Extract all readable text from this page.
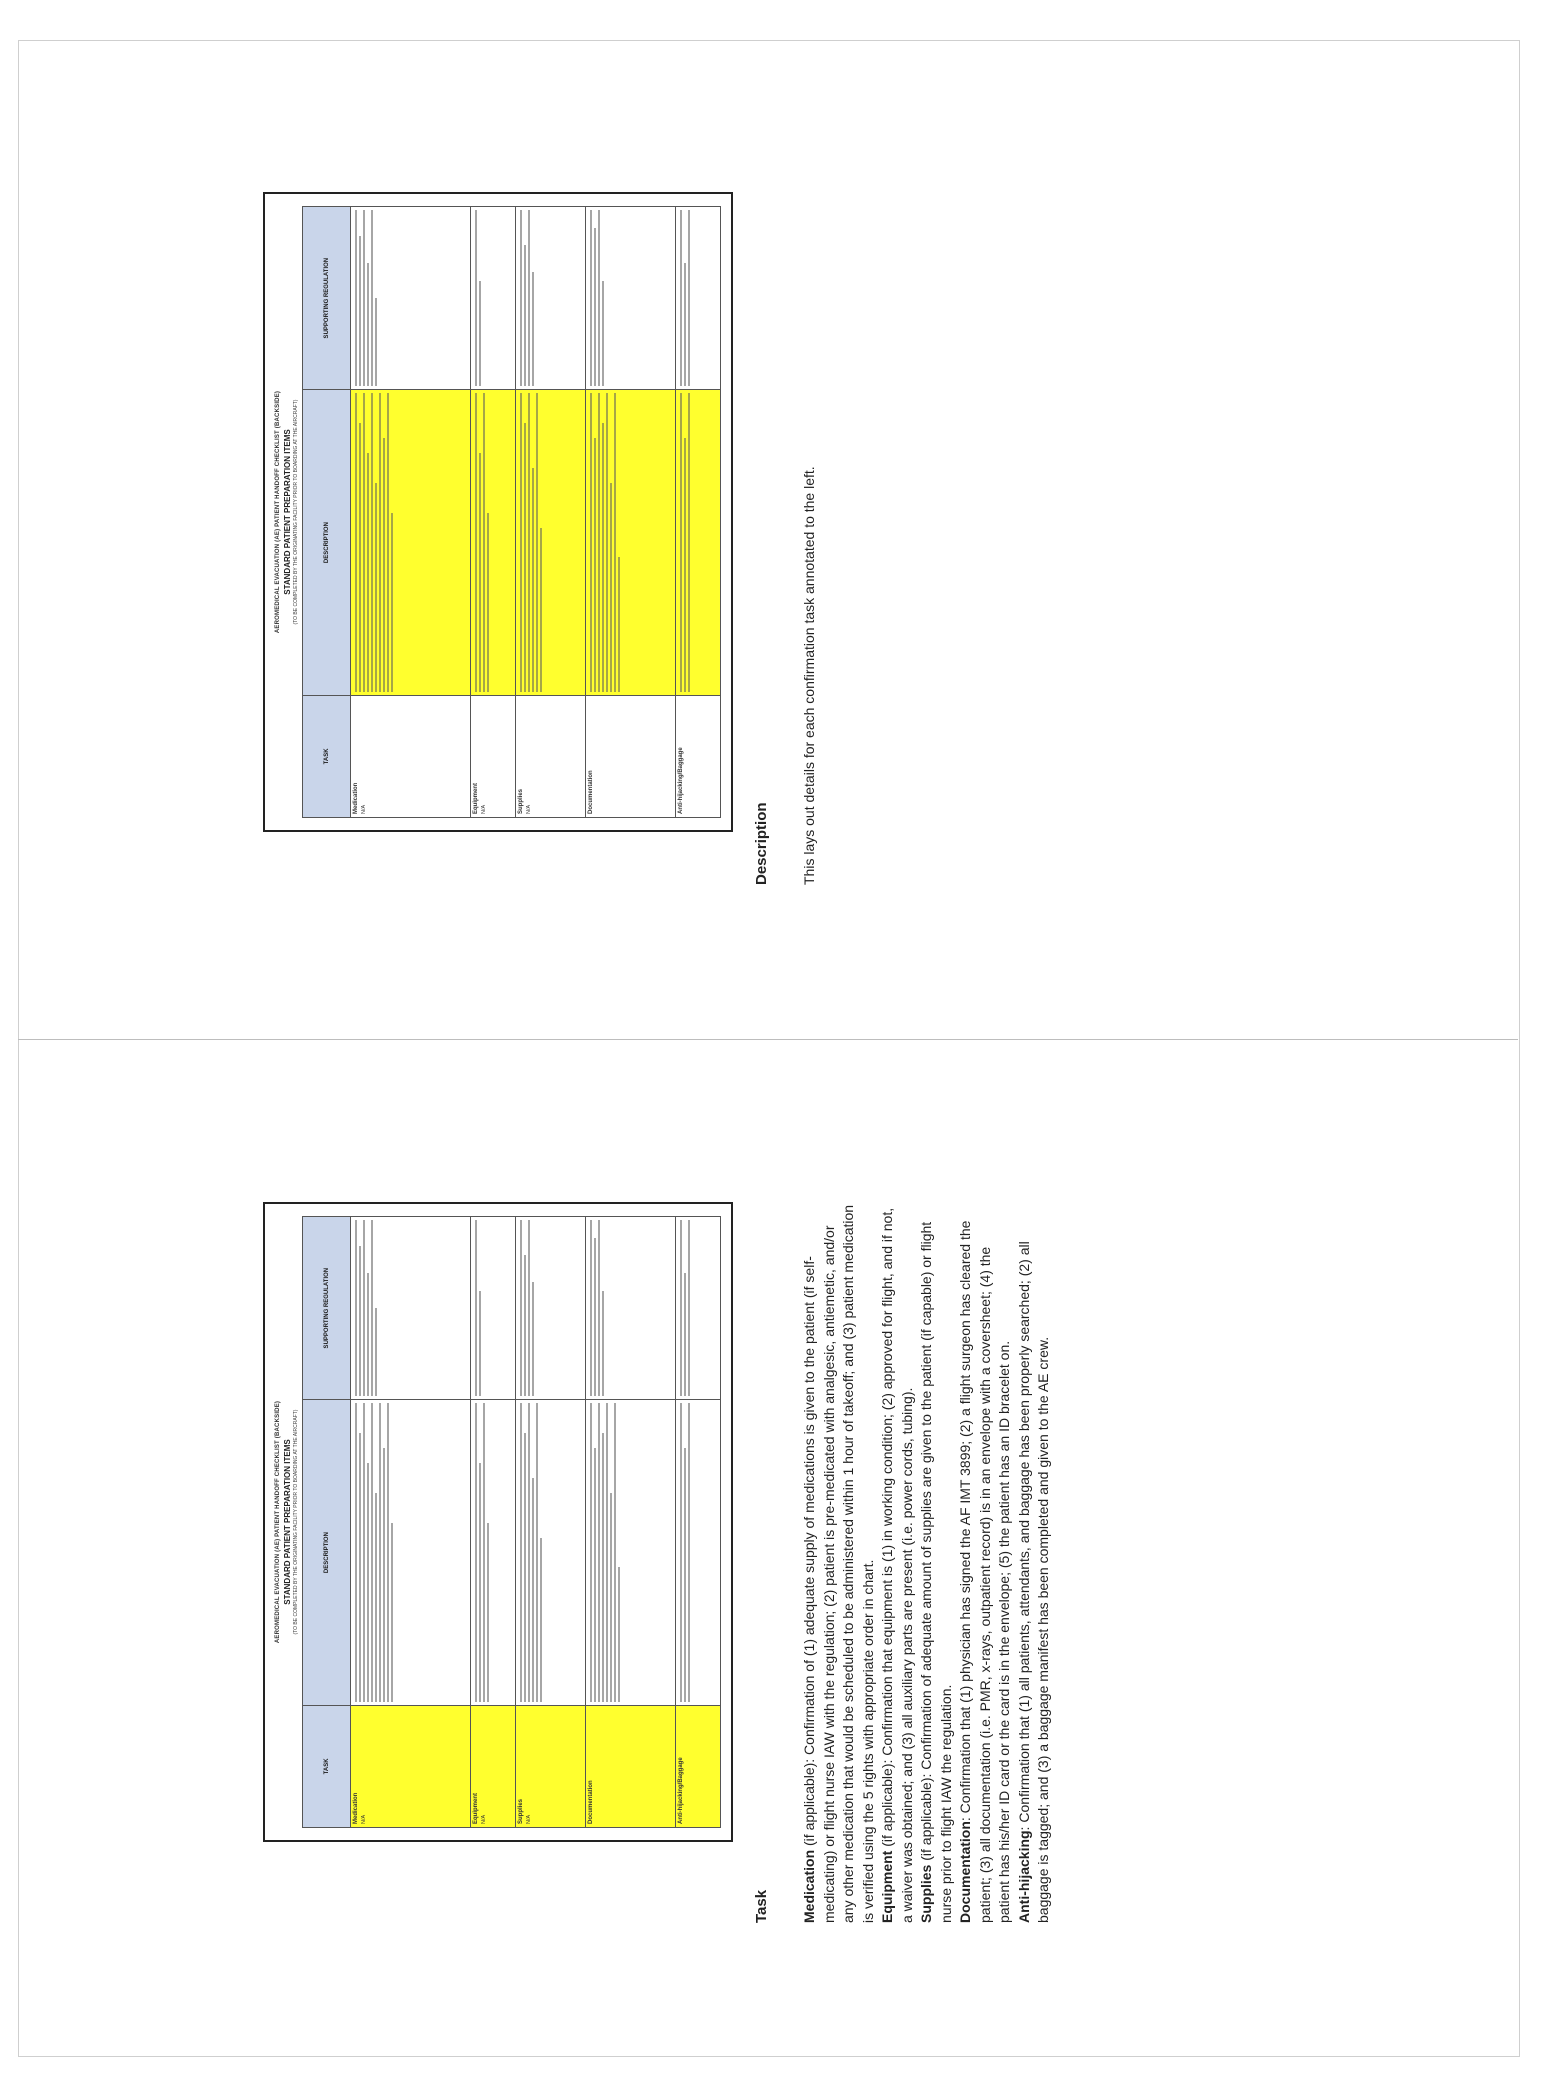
AEROMEDICAL EVACUATION (AE) PATIENT HANDOFF CHECKLIST (BACKSIDE) STANDARD PATIENT PREPARATION ITEMS (TO BE COMPLETED BY THE ORIGINATING FACILITY PRIOR TO BOARDING AT THE AIRCRAFT)
TASK	DESCRIPTION	SUPPORTING REGULATION

Medication N/A	

Equipment N/A	

Supplies N/A	

Documentation		

Anti-hijacking/Baggage		

Description This lays out details for each confirmation task annotated to the left.
AEROMEDICAL EVACUATION (AE) PATIENT HANDOFF CHECKLIST (BACKSIDE) STANDARD PATIENT PREPARATION ITEMS (TO BE COMPLETED BY THE ORIGINATING FACILITY PRIOR TO BOARDING AT THE AIRCRAFT)
TASK	DESCRIPTION	SUPPORTING REGULATION

Medication N/A	

Equipment N/A	

Supplies N/A	

Documentation		

Anti-hijacking/Baggage		

Task Medication (if applicable): Confirmation of (1) adequate supply of medications is given to the patient (if self-medicating) or flight nurse IAW with the regulation; (2) patient is pre-medicated with analgesic, antiemetic, and/or any other medication that would be scheduled to be administered within 1 hour of takeoff; and (3) patient medication is verified using the 5 rights with appropriate order in chart. Equipment (if applicable): Confirmation that equipment is (1) in working condition; (2) approved for flight, and if not, a waiver was obtained; and (3) all auxiliary parts are present (i.e. power cords, tubing). Supplies (if applicable): Confirmation of adequate amount of supplies are given to the patient (if capable) or flight nurse prior to flight IAW the regulation. Documentation: Confirmation that (1) physician has signed the AF IMT 3899; (2) a flight surgeon has cleared the patient; (3) all documentation (i.e. PMR, x-rays, outpatient record) is in an envelope with a coversheet; (4) the patient has his/her ID card or the card is in the envelope; (5) the patient has an ID bracelet on. Anti-hijacking: Confirmation that (1) all patients, attendants, and baggage has been properly searched; (2) all baggage is tagged; and (3) a baggage manifest has been completed and given to the AE crew.
